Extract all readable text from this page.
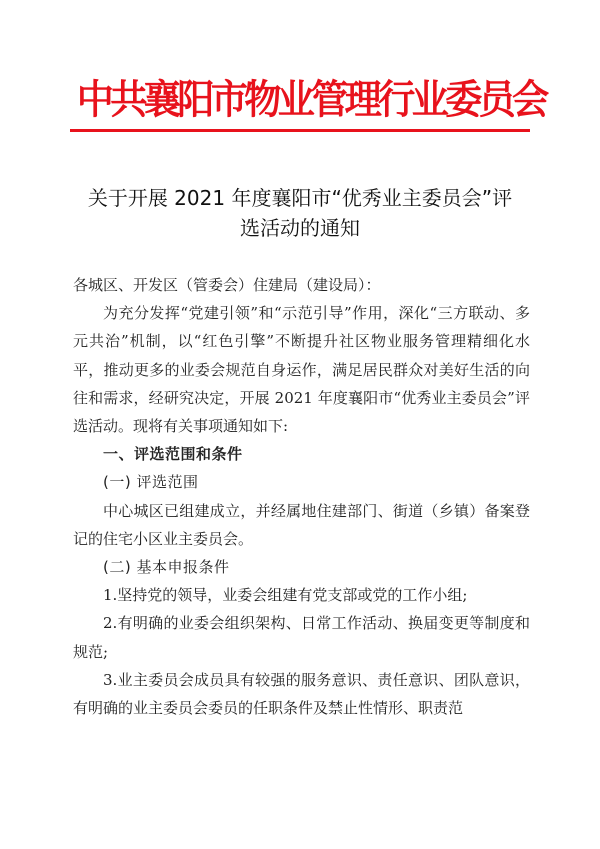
中共襄阳市物业管理行业委员会
关于开展 2021 年度襄阳市“优秀业主委员会”评
选活动的通知

各城区、开发区（管委会）住建局（建设局）：

为充分发挥“党建引领”和“示范引导”作用，深化“三方联动、多元共治”机制，以“红色引擎”不断提升社区物业服务管理精细化水平，推动更多的业委会规范自身运作，满足居民群众对美好生活的向往和需求，经研究决定，开展 2021 年度襄阳市“优秀业主委员会”评选活动。现将有关事项通知如下:

一、评选范围和条件

(一) 评选范围

中心城区已组建成立，并经属地住建部门、街道（乡镇）备案登记的住宅小区业主委员会。

(二) 基本申报条件

1.坚持党的领导，业委会组建有党支部或党的工作小组;

2.有明确的业委会组织架构、日常工作活动、换届变更等制度和规范;

3.业主委员会成员具有较强的服务意识、责任意识、团队意识，有明确的业主委员会委员的任职条件及禁止性情形、职责范
